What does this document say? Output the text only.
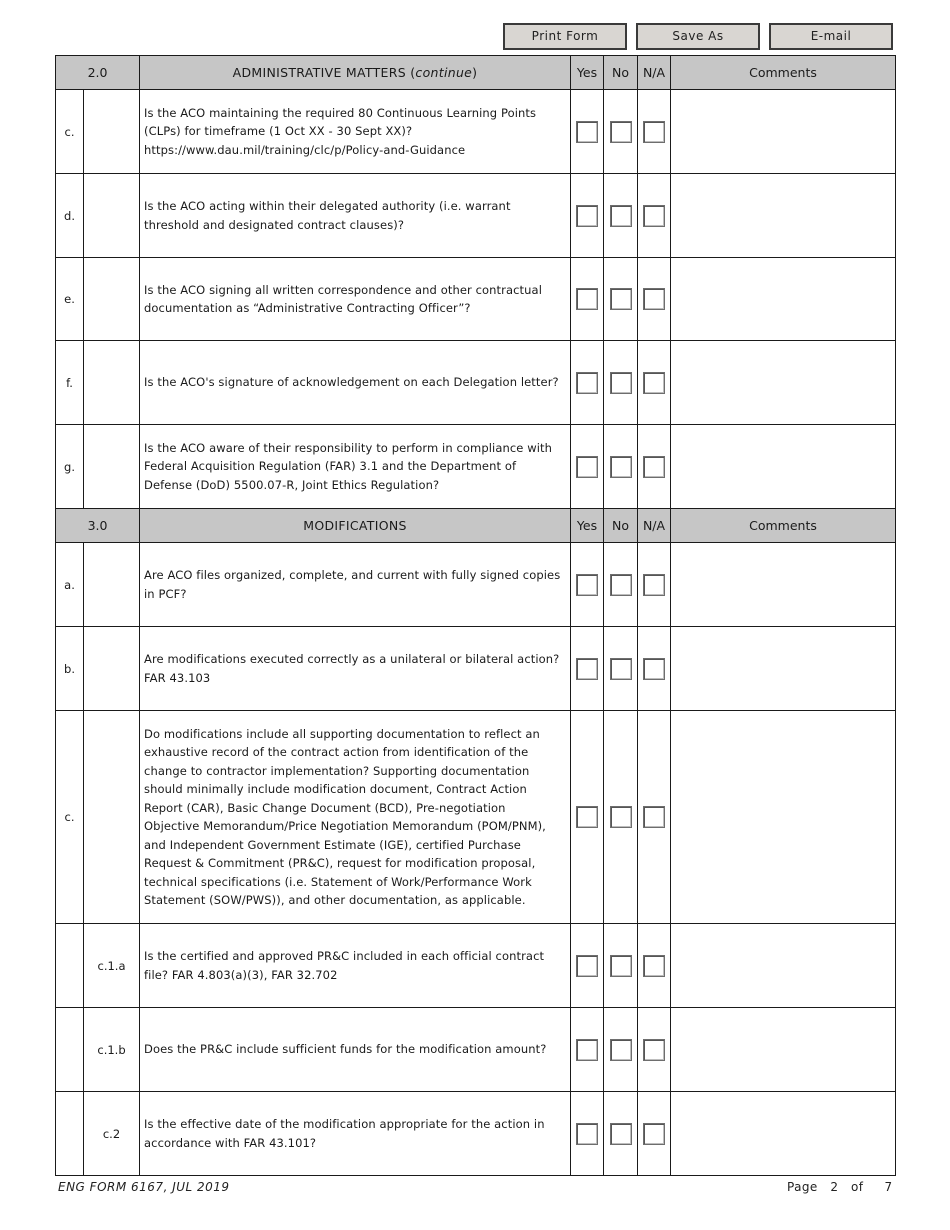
Print Form	Save As	E-mail
2.0		ADMINISTRATIVE MATTERS (continue)	Yes	No	N/A	Comments
c.		Is the ACO maintaining the required 80 Continuous Learning Points (CLPs) for timeframe (1 Oct XX - 30 Sept XX)? https://www.dau.mil/training/clc/p/Policy-and-Guidance				
d.		Is the ACO acting within their delegated authority (i.e. warrant threshold and designated contract clauses)?				
e.		Is the ACO signing all written correspondence and other contractual documentation as “Administrative Contracting Officer”?				
f.		Is the ACO's signature of acknowledgement on each Delegation letter?				
g.		Is the ACO aware of their responsibility to perform in compliance with Federal Acquisition Regulation (FAR) 3.1 and the Department of Defense (DoD) 5500.07-R, Joint Ethics Regulation?				
3.0		MODIFICATIONS	Yes	No	N/A	Comments
a.		Are ACO files organized, complete, and current with fully signed copies in PCF?				
b.		Are modifications executed correctly as a unilateral or bilateral action? FAR 43.103				
c.		Do modifications include all supporting documentation to reflect an exhaustive record of the contract action from identification of the change to contractor implementation? Supporting documentation should minimally include modification document, Contract Action Report (CAR), Basic Change Document (BCD), Pre-negotiation Objective Memorandum/Price Negotiation Memorandum (POM/PNM), and Independent Government Estimate (IGE), certified Purchase Request & Commitment (PR&C), request for modification proposal, technical specifications (i.e. Statement of Work/Performance Work Statement (SOW/PWS)), and other documentation, as applicable.				
	c.1.a	Is the certified and approved PR&C included in each official contract file? FAR 4.803(a)(3), FAR 32.702				
	c.1.b	Does the PR&C include sufficient funds for the modification amount?				
	c.2	Is the effective date of the modification appropriate for the action in accordance with FAR 43.101?				
ENG FORM 6167, JUL 2019	Page 2 of 7
